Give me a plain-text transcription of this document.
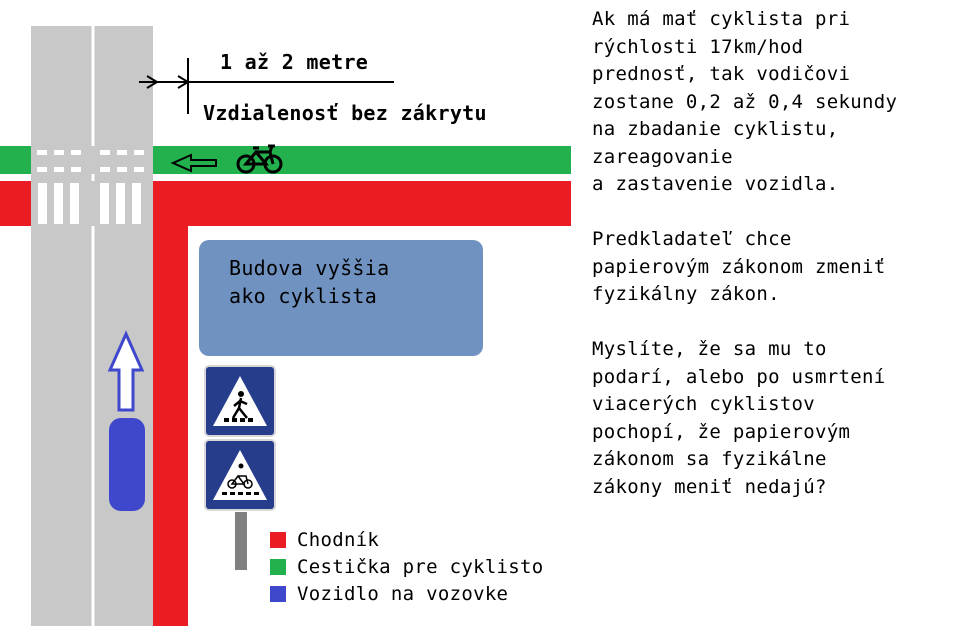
1 až 2 metre
Vzdialenosť bez zákrytu
Budova vyššia
ako cyklista
Ak má mať cyklista pri
rýchlosti 17km/hod
prednosť, tak vodičovi
zostane 0,2 až 0,4 sekundy
na zbadanie cyklistu,
zareagovanie
a zastavenie vozidla.
Predkladateľ chce
papierovým zákonom zmeniť
fyzikálny zákon.
Myslíte, že sa mu to
podarí, alebo po usmrtení
viacerých cyklistov
pochopí, že papierovým
zákonom sa fyzikálne
zákony meniť nedajú?
Chodník
Cestička pre cyklisto
Vozidlo na vozovke
